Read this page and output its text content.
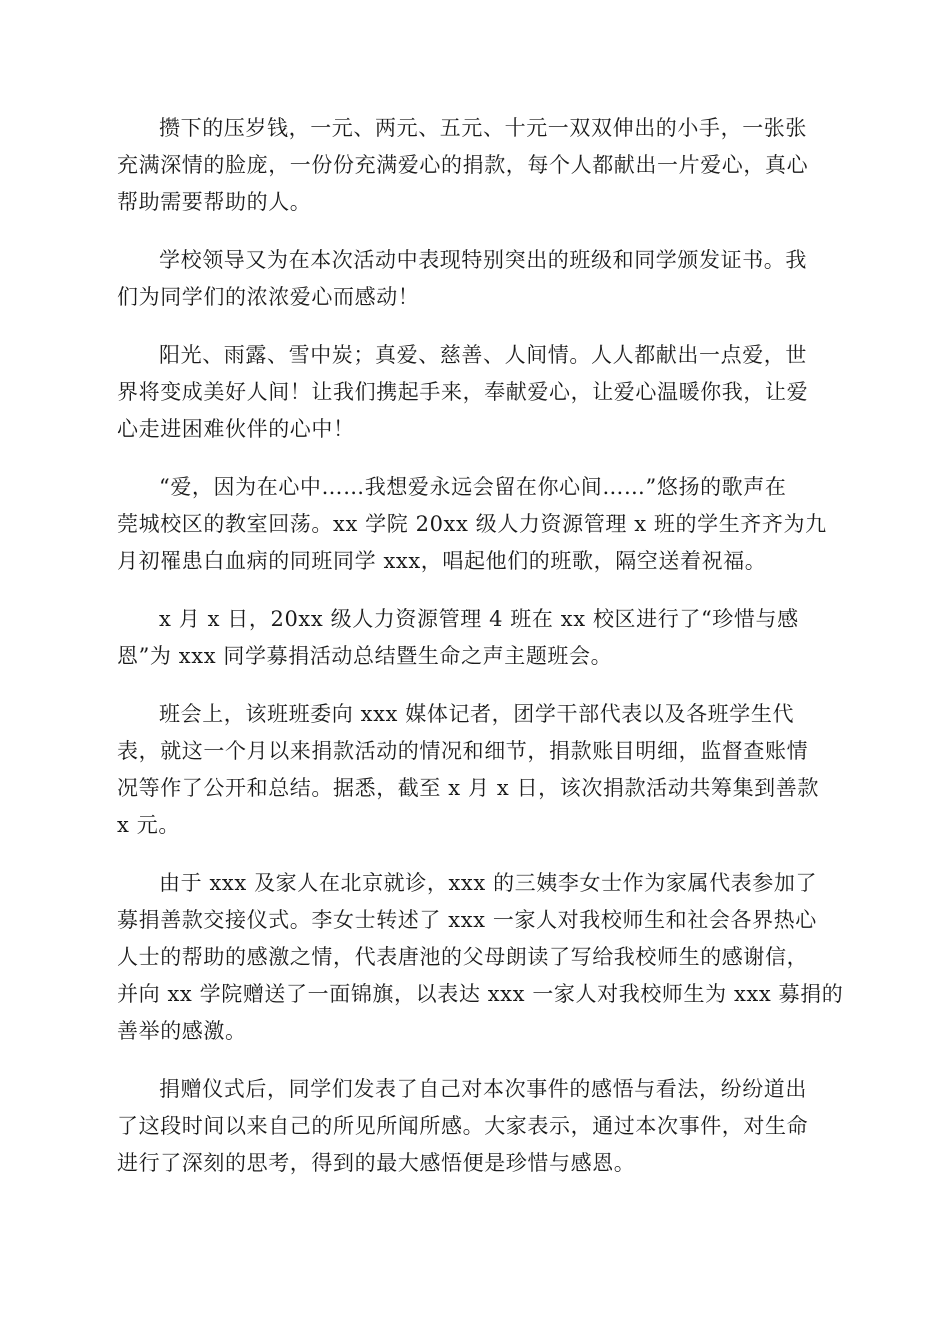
攒下的压岁钱，一元、两元、五元、十元一双双伸出的小手，一张张
充满深情的脸庞，一份份充满爱心的捐款，每个人都献出一片爱心，真心
帮助需要帮助的人。

学校领导又为在本次活动中表现特别突出的班级和同学颁发证书。我
们为同学们的浓浓爱心而感动！

阳光、雨露、雪中炭；真爱、慈善、人间情。人人都献出一点爱，世
界将变成美好人间！让我们携起手来，奉献爱心，让爱心温暖你我，让爱
心走进困难伙伴的心中！

“爱，因为在心中……我想爱永远会留在你心间……”悠扬的歌声在
莞城校区的教室回荡。xx 学院 20xx 级人力资源管理 x 班的学生齐齐为九
月初罹患白血病的同班同学 xxx，唱起他们的班歌，隔空送着祝福。

x 月 x 日，20xx 级人力资源管理 4 班在 xx 校区进行了“珍惜与感
恩”为 xxx 同学募捐活动总结暨生命之声主题班会。

班会上，该班班委向 xxx 媒体记者，团学干部代表以及各班学生代
表，就这一个月以来捐款活动的情况和细节，捐款账目明细，监督查账情
况等作了公开和总结。据悉，截至 x 月 x 日，该次捐款活动共筹集到善款
x 元。

由于 xxx 及家人在北京就诊，xxx 的三姨李女士作为家属代表参加了
募捐善款交接仪式。李女士转述了 xxx 一家人对我校师生和社会各界热心
人士的帮助的感激之情，代表唐池的父母朗读了写给我校师生的感谢信，
并向 xx 学院赠送了一面锦旗，以表达 xxx 一家人对我校师生为 xxx 募捐的
善举的感激。

捐赠仪式后，同学们发表了自己对本次事件的感悟与看法，纷纷道出
了这段时间以来自己的所见所闻所感。大家表示，通过本次事件，对生命
进行了深刻的思考，得到的最大感悟便是珍惜与感恩。
